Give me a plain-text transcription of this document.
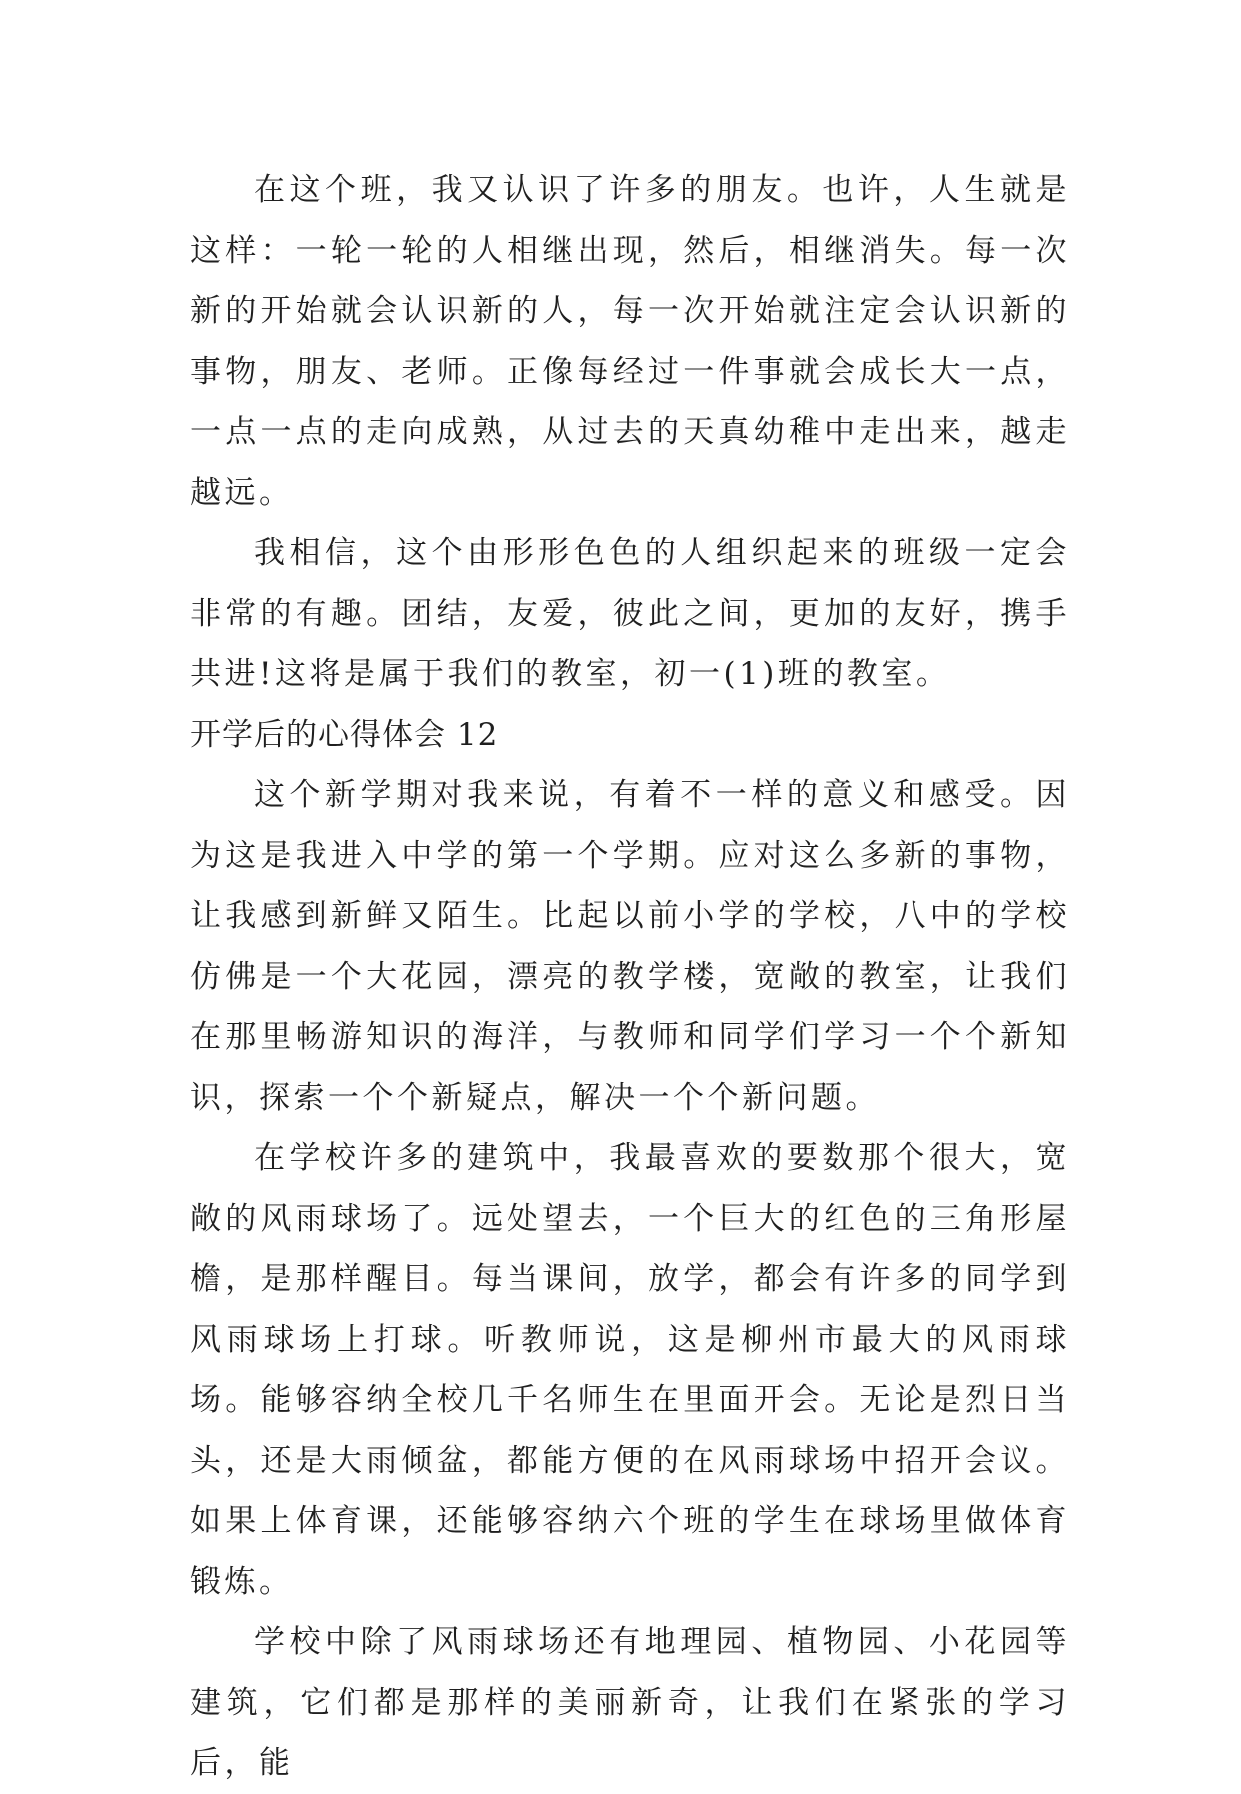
在这个班，我又认识了许多的朋友。也许，人生就是这样：一轮一轮的人相继出现，然后，相继消失。每一次新的开始就会认识新的人，每一次开始就注定会认识新的事物，朋友、老师。正像每经过一件事就会成长大一点，一点一点的走向成熟，从过去的天真幼稚中走出来，越走越远。

我相信，这个由形形色色的人组织起来的班级一定会非常的有趣。团结，友爱，彼此之间，更加的友好，携手共进!这将是属于我们的教室，初一(1)班的教室。

开学后的心得体会 12

这个新学期对我来说，有着不一样的意义和感受。因为这是我进入中学的第一个学期。应对这么多新的事物，让我感到新鲜又陌生。比起以前小学的学校，八中的学校仿佛是一个大花园，漂亮的教学楼，宽敞的教室，让我们在那里畅游知识的海洋，与教师和同学们学习一个个新知识，探索一个个新疑点，解决一个个新问题。

在学校许多的建筑中，我最喜欢的要数那个很大，宽敞的风雨球场了。远处望去，一个巨大的红色的三角形屋檐，是那样醒目。每当课间，放学，都会有许多的同学到风雨球场上打球。听教师说，这是柳州市最大的风雨球场。能够容纳全校几千名师生在里面开会。无论是烈日当头，还是大雨倾盆，都能方便的在风雨球场中招开会议。如果上体育课，还能够容纳六个班的学生在球场里做体育锻炼。

学校中除了风雨球场还有地理园、植物园、小花园等建筑，它们都是那样的美丽新奇，让我们在紧张的学习后，能
